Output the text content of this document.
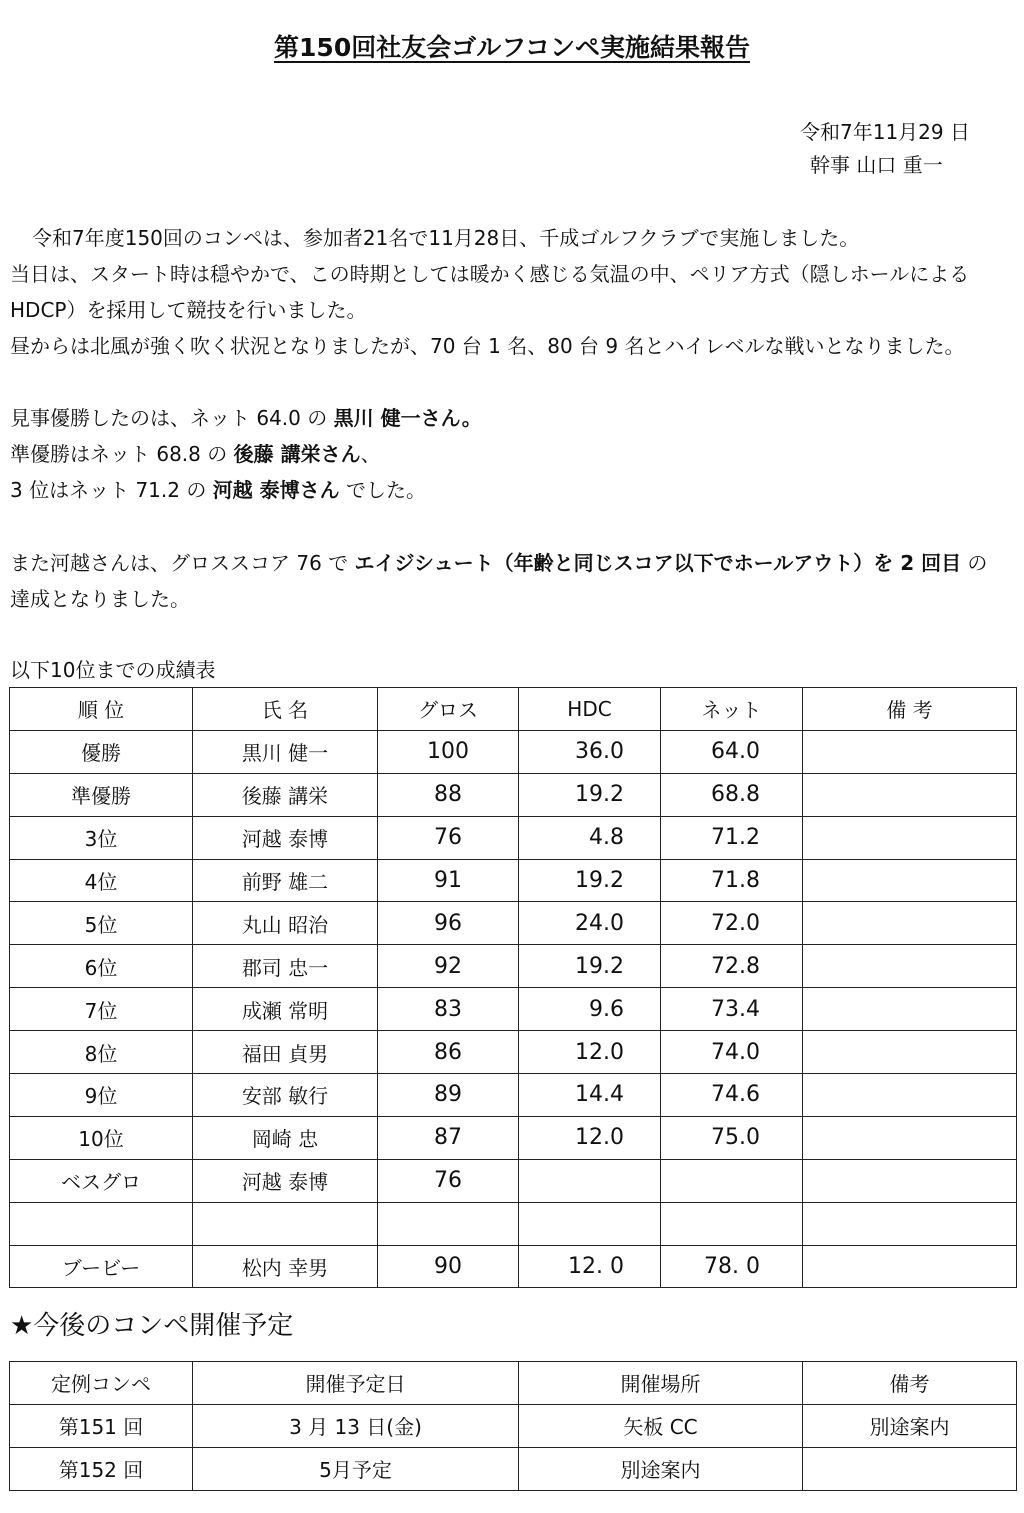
第150回社友会ゴルフコンペ実施結果報告
令和7年11月29 日
幹事 山口 重一
令和7年度150回のコンペは、参加者21名で11月28日、千成ゴルフクラブで実施しました。
当日は、スタート時は穏やかで、この時期としては暖かく感じる気温の中、ペリア方式（隠しホールによる
HDCP）を採用して競技を行いました。
昼からは北風が強く吹く状況となりましたが、70 台 1 名、80 台 9 名とハイレベルな戦いとなりました。
見事優勝したのは、ネット 64.0 の 黒川 健一さん。
準優勝はネット 68.8 の 後藤 講栄さん、
3 位はネット 71.2 の 河越 泰博さん でした。
また河越さんは、グロススコア 76 で エイジシュート（年齢と同じスコア以下でホールアウト）を 2 回目 の
達成となりました。
以下10位までの成績表
順 位	氏 名	グロス	HDC	ネット	備 考
優勝	黒川 健一	100	36.0	64.0	
準優勝	後藤 講栄	88	19.2	68.8	
3位	河越 泰博	76	4.8	71.2	
4位	前野 雄二	91	19.2	71.8	
5位	丸山 昭治	96	24.0	72.0	
6位	郡司 忠一	92	19.2	72.8	
7位	成瀬 常明	83	9.6	73.4	
8位	福田 貞男	86	12.0	74.0	
9位	安部 敏行	89	14.4	74.6	
10位	岡崎 忠	87	12.0	75.0	
ベスグロ	河越 泰博	76			

ブービー	松内 幸男	90	12. 0	78. 0	
★今後のコンペ開催予定
定例コンペ	開催予定日	開催場所	備考
第151 回	3 月 13 日(金)	矢板 CC	別途案内
第152 回	5月予定	別途案内	
